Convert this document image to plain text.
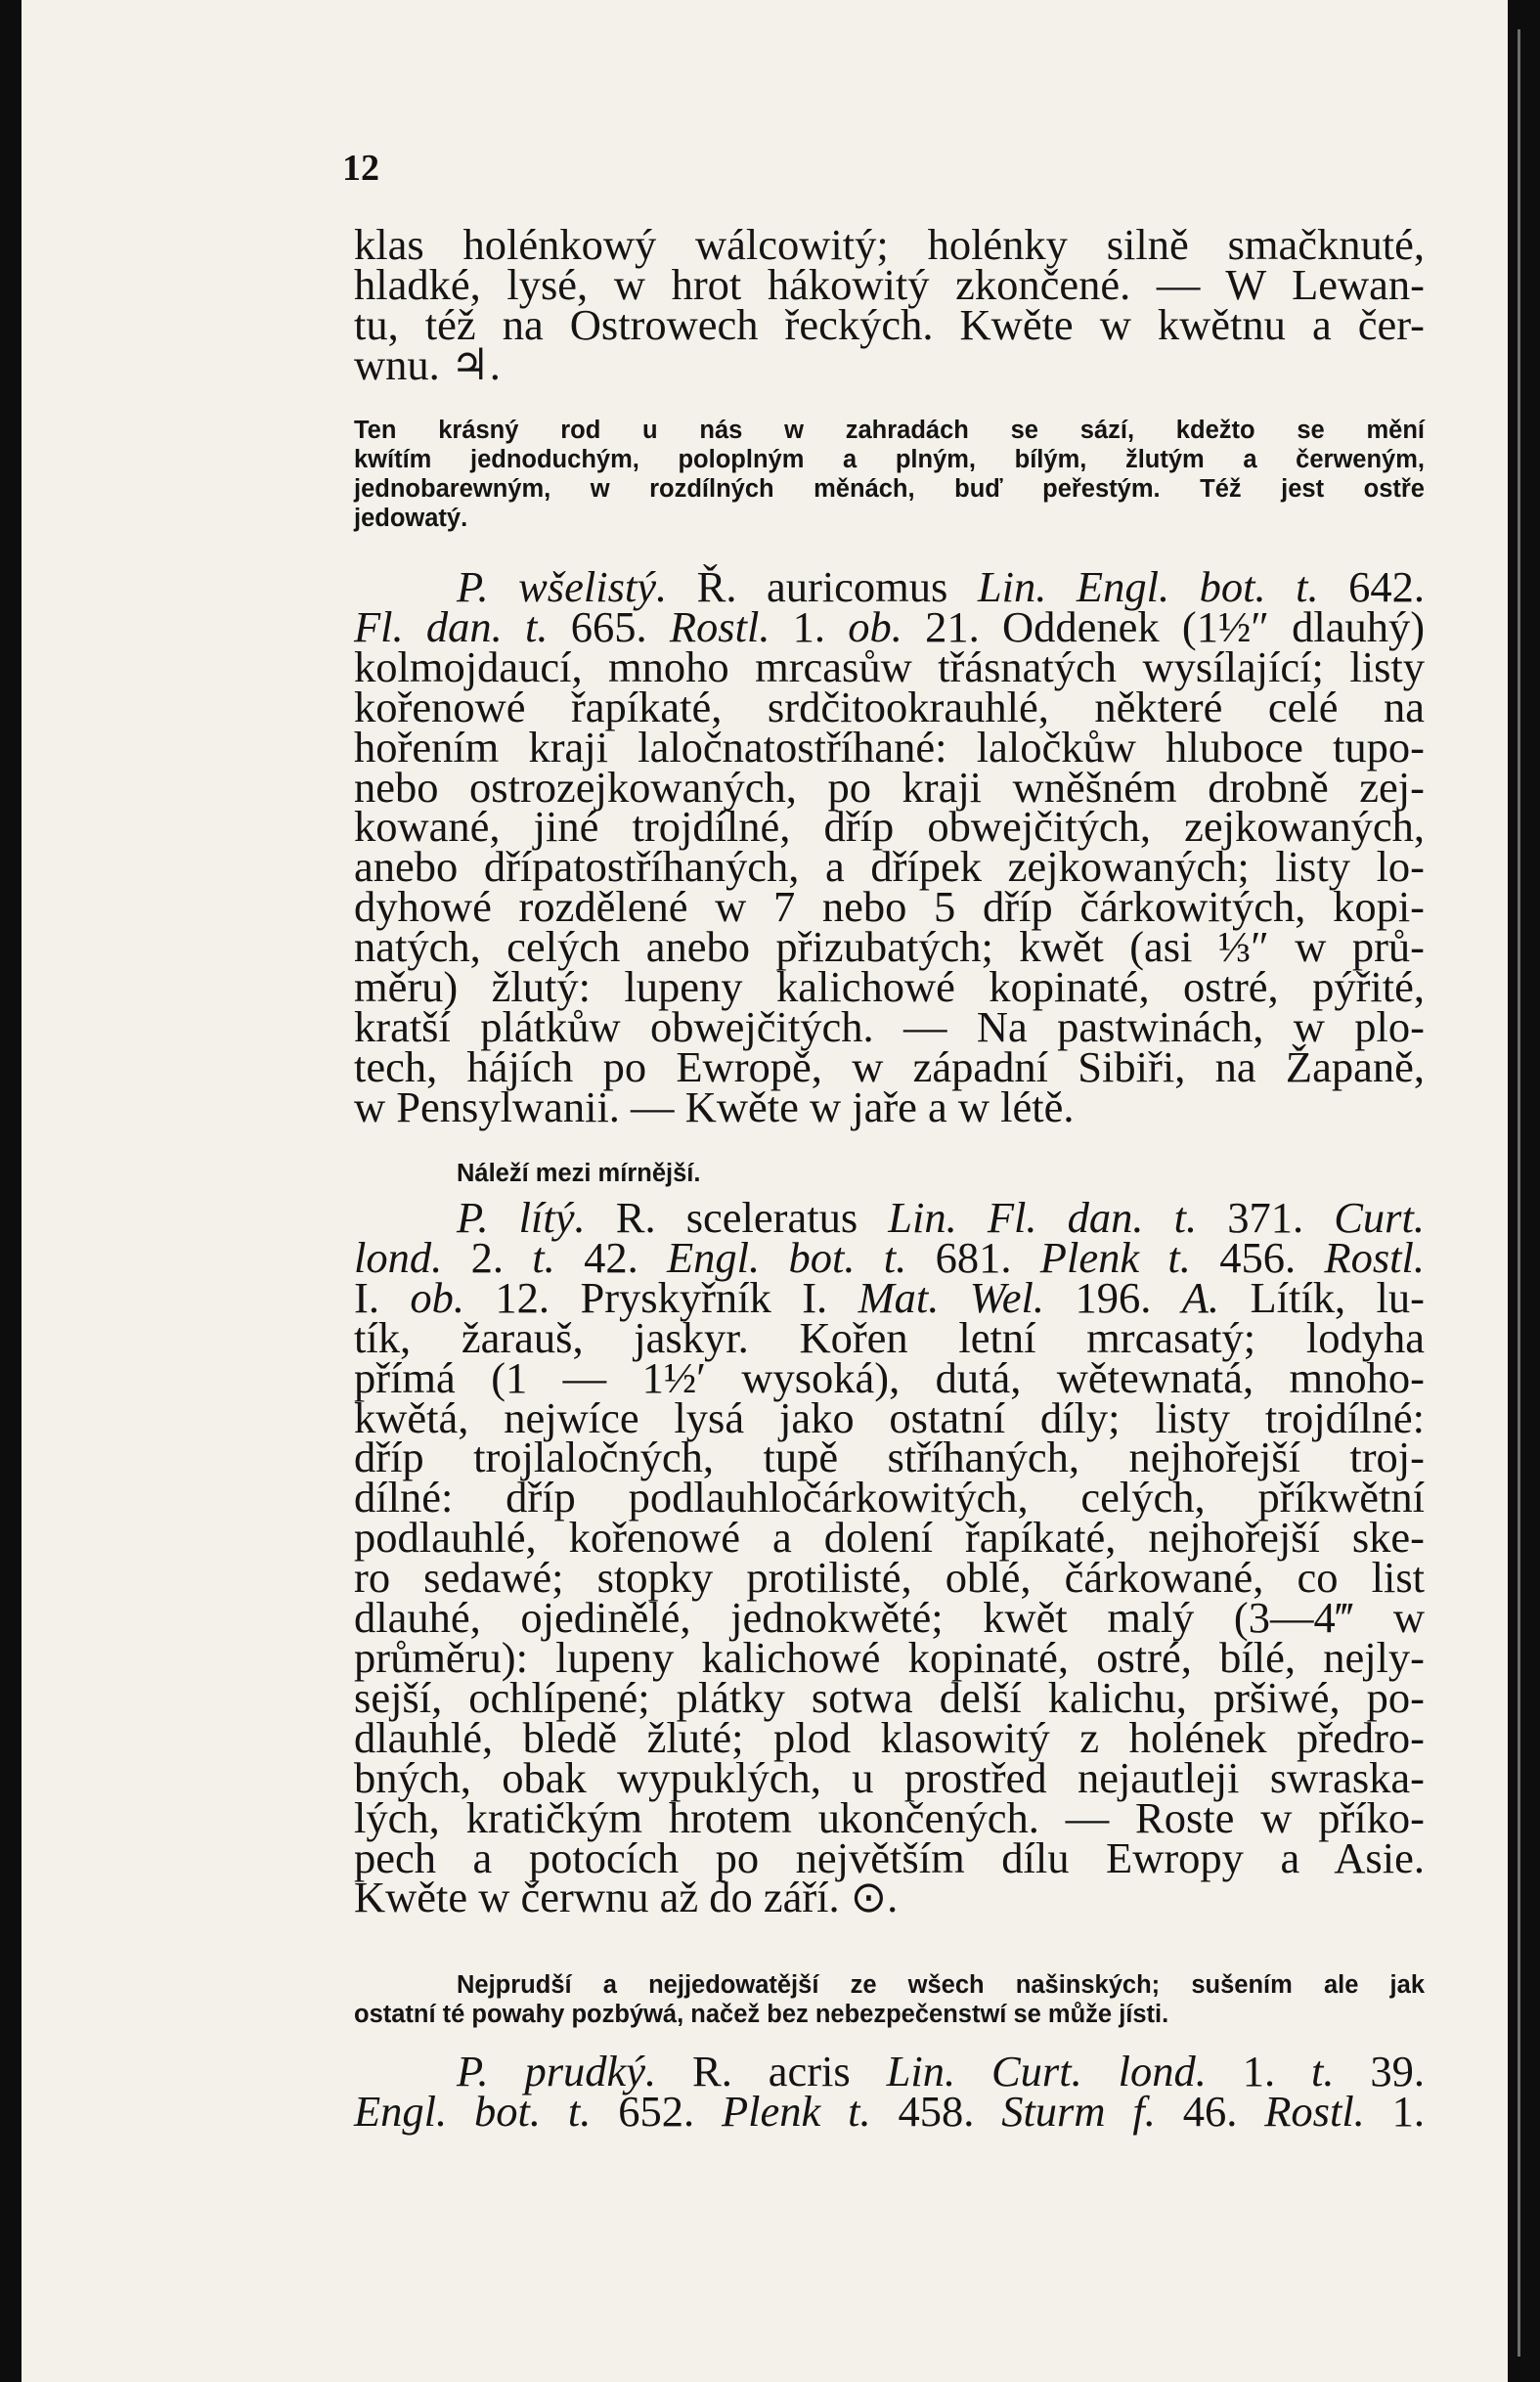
12

klas holénkowý wálcowitý; holénky silně smačknuté,
hladké, lysé, w hrot hákowitý zkončené. — W Lewan-
tu, též na Ostrowech řeckých. Kwěte w kwětnu a čer-
wnu. ♃.

Ten krásný rod u nás w zahradách se sází, kdežto se mění
kwítím jednoduchým, poloplným a plným, bílým, žlutým a čerweným,
jednobarewným, w rozdílných měnách, buď peřestým. Též jest ostře
jedowatý.

P. wšelistý. Ř. auricomus Lin. Engl. bot. t. 642.
Fl. dan. t. 665. Rostl. 1. ob. 21. Oddenek (1½″ dlauhý)
kolmojdaucí, mnoho mrcasůw třásnatých wysílající; listy
kořenowé řapíkaté, srdčitookrauhlé, některé celé na
hořením kraji laločnatostříhané: laločkůw hluboce tupo-
nebo ostrozejkowaných, po kraji wněšném drobně zej-
kowané, jiné trojdílné, dříp obwejčitých, zejkowaných,
anebo dřípatostříhaných, a dřípek zejkowaných; listy lo-
dyhowé rozdělené w 7 nebo 5 dříp čárkowitých, kopi-
natých, celých anebo přizubatých; kwět (asi ⅓″ w prů-
měru) žlutý: lupeny kalichowé kopinaté, ostré, pýřité,
kratší plátkůw obwejčitých. — Na pastwinách, w plo-
tech, hájích po Ewropě, w západní Sibiři, na Žapaně,
w Pensylwanii. — Kwěte w jaře a w létě.

Náleží mezi mírnější.

P. lítý. R. sceleratus Lin. Fl. dan. t. 371. Curt.
lond. 2. t. 42. Engl. bot. t. 681. Plenk t. 456. Rostl.
I. ob. 12. Pryskyřník I. Mat. Wel. 196. A. Lítík, lu-
tík, žarauš, jaskyr. Kořen letní mrcasatý; lodyha
přímá (1 — 1½′ wysoká), dutá, wětewnatá, mnoho-
kwětá, nejwíce lysá jako ostatní díly; listy trojdílné:
dříp trojlaločných, tupě stříhaných, nejhořejší troj-
dílné: dříp podlauhločárkowitých, celých, příkwětní
podlauhlé, kořenowé a dolení řapíkaté, nejhořejší ske-
ro sedawé; stopky protilisté, oblé, čárkowané, co list
dlauhé, ojedinělé, jednokwěté; kwět malý (3—4‴ w
průměru): lupeny kalichowé kopinaté, ostré, bílé, nejly-
sejší, ochlípené; plátky sotwa delší kalichu, pršiwé, po-
dlauhlé, bledě žluté; plod klasowitý z holének předro-
bných, obak wypuklých, u prostřed nejautleji swraska-
lých, kratičkým hrotem ukončených. — Roste w příko-
pech a potocích po největším dílu Ewropy a Asie.
Kwěte w čerwnu až do září. ⊙.

Nejprudší a nejjedowatější ze wšech našinských; sušením ale jak
ostatní té powahy pozbýwá, načež bez nebezpečenstwí se může jísti.

P. prudký. R. acris Lin. Curt. lond. 1. t. 39.
Engl. bot. t. 652. Plenk t. 458. Sturm f. 46. Rostl. 1.
